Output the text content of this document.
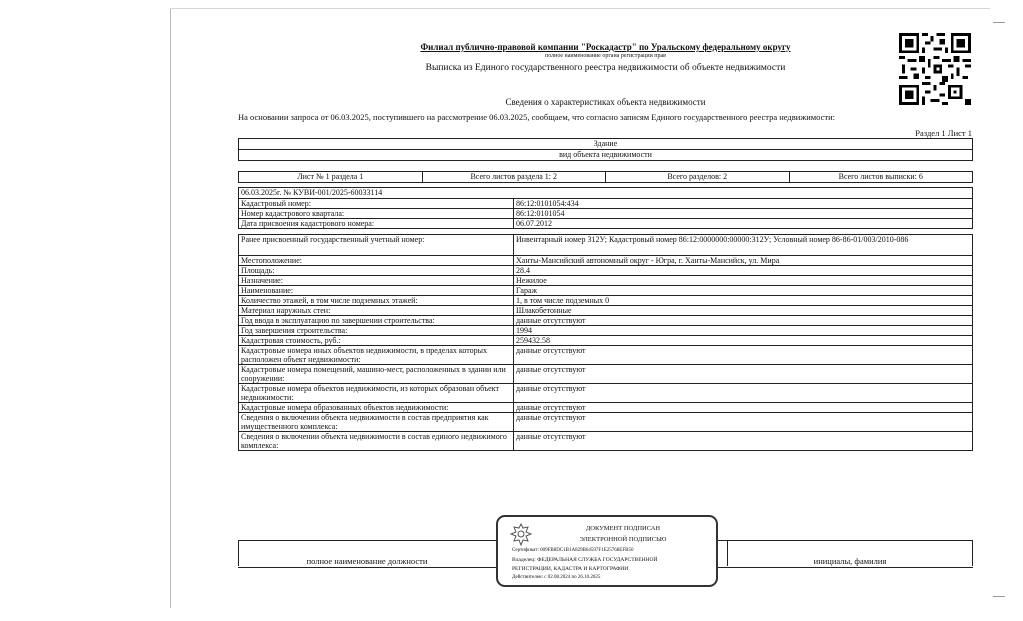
Филиал публично-правовой компании "Роскадастр" по Уральскому федеральному округу
полное наименование органа регистрации прав
Выписка из Единого государственного реестра недвижимости об объекте недвижимости
Сведения о характеристиках объекта недвижимости
На основании запроса от 06.03.2025, поступившего на рассмотрение 06.03.2025, сообщаем, что согласно записям Единого государственного реестра недвижимости:
Раздел 1 Лист 1
Здание
вид объекта недвижимости
Лист № 1 раздела 1	Всего листов раздела 1: 2	Всего разделов: 2	Всего листов выписки: 6
06.03.2025г. № КУВИ-001/2025-60033114	
Кадастровый номер:	86:12:0101054:434
Номер кадастрового квартала:	86:12:0101054
Дата присвоения кадастрового номера:	06.07.2012

Ранее присвоенный государственный учетный номер:	Инвентарный номер 312У; Кадастровый номер 86:12:0000000:00000:312У; Условный номер 86-86-01/003/2010-086
Местоположение:	Ханты-Мансийский автономный округ - Югра, г. Ханты-Мансийск, ул. Мира
Площадь:	28.4
Назначение:	Нежилое
Наименование:	Гараж
Количество этажей, в том числе подземных этажей:	1, в том числе подземных 0
Материал наружных стен:	Шлакобетонные
Год ввода в эксплуатацию по завершении строительства:	данные отсутствуют
Год завершения строительства:	1994
Кадастровая стоимость, руб.:	259432.58
Кадастровые номера иных объектов недвижимости, в пределах которых расположен объект недвижимости:	данные отсутствуют
Кадастровые номера помещений, машино-мест, расположенных в здании или сооружении:	данные отсутствуют
Кадастровые номера объектов недвижимости, из которых образован объект недвижимости:	данные отсутствуют
Кадастровые номера образованных объектов недвижимости:	данные отсутствуют
Сведения о включении объекта недвижимости в состав предприятия как имущественного комплекса:	данные отсутствуют
Сведения о включении объекта недвижимости в состав единого недвижимого комплекса:	данные отсутствуют
полное наименование должности	инициалы, фамилия
ДОКУМЕНТ ПОДПИСАН
ЭЛЕКТРОННОЙ ПОДПИСЬЮ
Сертификат: 009FB8DC1B1A829B64597F1E25768EFB50
Владелец: ФЕДЕРАЛЬНАЯ СЛУЖБА ГОСУДАРСТВЕННОЙ
РЕГИСТРАЦИИ, КАДАСТРА И КАРТОГРАФИИ
Действителен: с 02.08.2024 по 26.10.2025
